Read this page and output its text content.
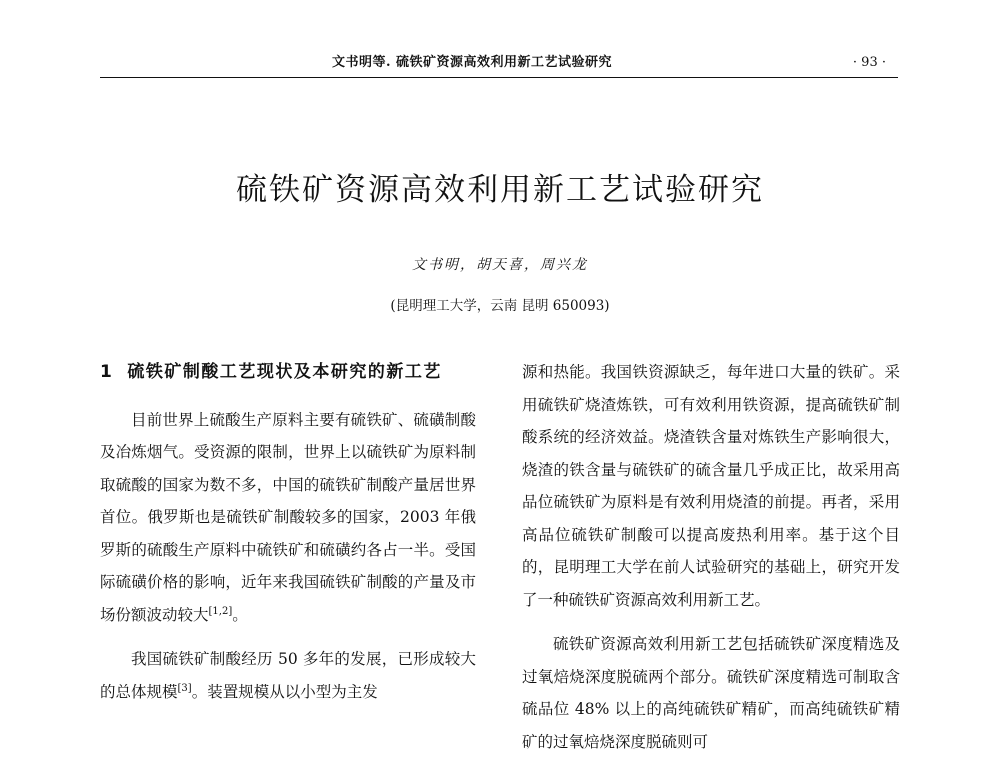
文书明等. 硫铁矿资源高效利用新工艺试验研究	· 93 ·
硫铁矿资源高效利用新工艺试验研究
文书明，胡天喜，周兴龙
(昆明理工大学，云南 昆明 650093)
1 硫铁矿制酸工艺现状及本研究的新工艺

目前世界上硫酸生产原料主要有硫铁矿、硫磺制酸及冶炼烟气。受资源的限制，世界上以硫铁矿为原料制取硫酸的国家为数不多，中国的硫铁矿制酸产量居世界首位。俄罗斯也是硫铁矿制酸较多的国家，2003 年俄罗斯的硫酸生产原料中硫铁矿和硫磺约各占一半。受国际硫磺价格的影响，近年来我国硫铁矿制酸的产量及市场份额波动较大[1,2]。

我国硫铁矿制酸经历 50 多年的发展，已形成较大的总体规模[3]。装置规模从以小型为主发

源和热能。我国铁资源缺乏，每年进口大量的铁矿。采用硫铁矿烧渣炼铁，可有效利用铁资源，提高硫铁矿制酸系统的经济效益。烧渣铁含量对炼铁生产影响很大，烧渣的铁含量与硫铁矿的硫含量几乎成正比，故采用高品位硫铁矿为原料是有效利用烧渣的前提。再者，采用高品位硫铁矿制酸可以提高废热利用率。基于这个目的，昆明理工大学在前人试验研究的基础上，研究开发了一种硫铁矿资源高效利用新工艺。

硫铁矿资源高效利用新工艺包括硫铁矿深度精选及过氧焙烧深度脱硫两个部分。硫铁矿深度精选可制取含硫品位 48% 以上的高纯硫铁矿精矿，而高纯硫铁矿精矿的过氧焙烧深度脱硫则可
